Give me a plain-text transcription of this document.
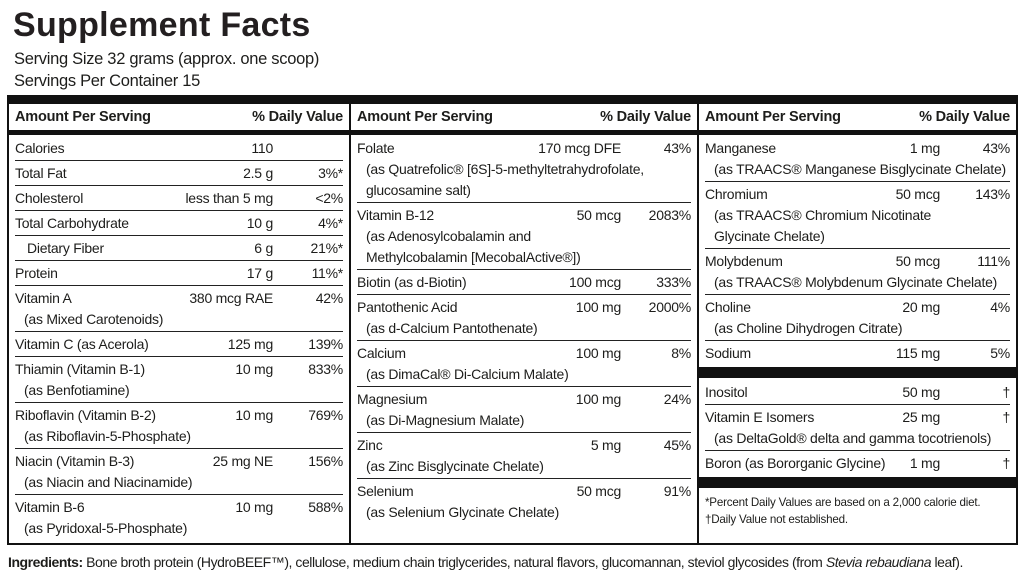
Supplement Facts
Serving Size 32 grams (approx. one scoop)
Servings Per Container 15
Amount Per Serving	% Daily Value
Calories	110
Total Fat	2.5 g	3%*
Cholesterol	less than 5 mg	<2%
Total Carbohydrate	10 g	4%*
Dietary Fiber	6 g	21%*
Protein	17 g	11%*
Vitamin A	380 mcg RAE	42%
(as Mixed Carotenoids)
Vitamin C (as Acerola)	125 mg	139%
Thiamin (Vitamin B-1)	10 mg	833%
(as Benfotiamine)
Riboflavin (Vitamin B-2)	10 mg	769%
(as Riboflavin-5-Phosphate)
Niacin (Vitamin B-3)	25 mg NE	156%
(as Niacin and Niacinamide)
Vitamin B-6	10 mg	588%
(as Pyridoxal-5-Phosphate)
Amount Per Serving	% Daily Value
Folate	170 mcg DFE	43%
(as Quatrefolic® [6S]-5-methyltetrahydrofolate,
glucosamine salt)
Vitamin B-12	50 mcg	2083%
(as Adenosylcobalamin and
Methylcobalamin [MecobalActive®])
Biotin (as d-Biotin)	100 mcg	333%
Pantothenic Acid	100 mg	2000%
(as d-Calcium Pantothenate)
Calcium	100 mg	8%
(as DimaCal® Di-Calcium Malate)
Magnesium	100 mg	24%
(as Di-Magnesium Malate)
Zinc	5 mg	45%
(as Zinc Bisglycinate Chelate)
Selenium	50 mcg	91%
(as Selenium Glycinate Chelate)
Amount Per Serving	% Daily Value
Manganese	1 mg	43%
(as TRAACS® Manganese Bisglycinate Chelate)
Chromium	50 mcg	143%
(as TRAACS® Chromium Nicotinate
Glycinate Chelate)
Molybdenum	50 mcg	111%
(as TRAACS® Molybdenum Glycinate Chelate)
Choline	20 mg	4%
(as Choline Dihydrogen Citrate)
Sodium	115 mg	5%
Inositol	50 mg	†
Vitamin E Isomers	25 mg	†
(as DeltaGold® delta and gamma tocotrienols)
Boron (as Bororganic Glycine)	1 mg	†
*Percent Daily Values are based on a 2,000 calorie diet.
†Daily Value not established.
Ingredients: Bone broth protein (HydroBEEF™), cellulose, medium chain triglycerides, natural flavors, glucomannan, steviol glycosides (from Stevia rebaudiana leaf).
